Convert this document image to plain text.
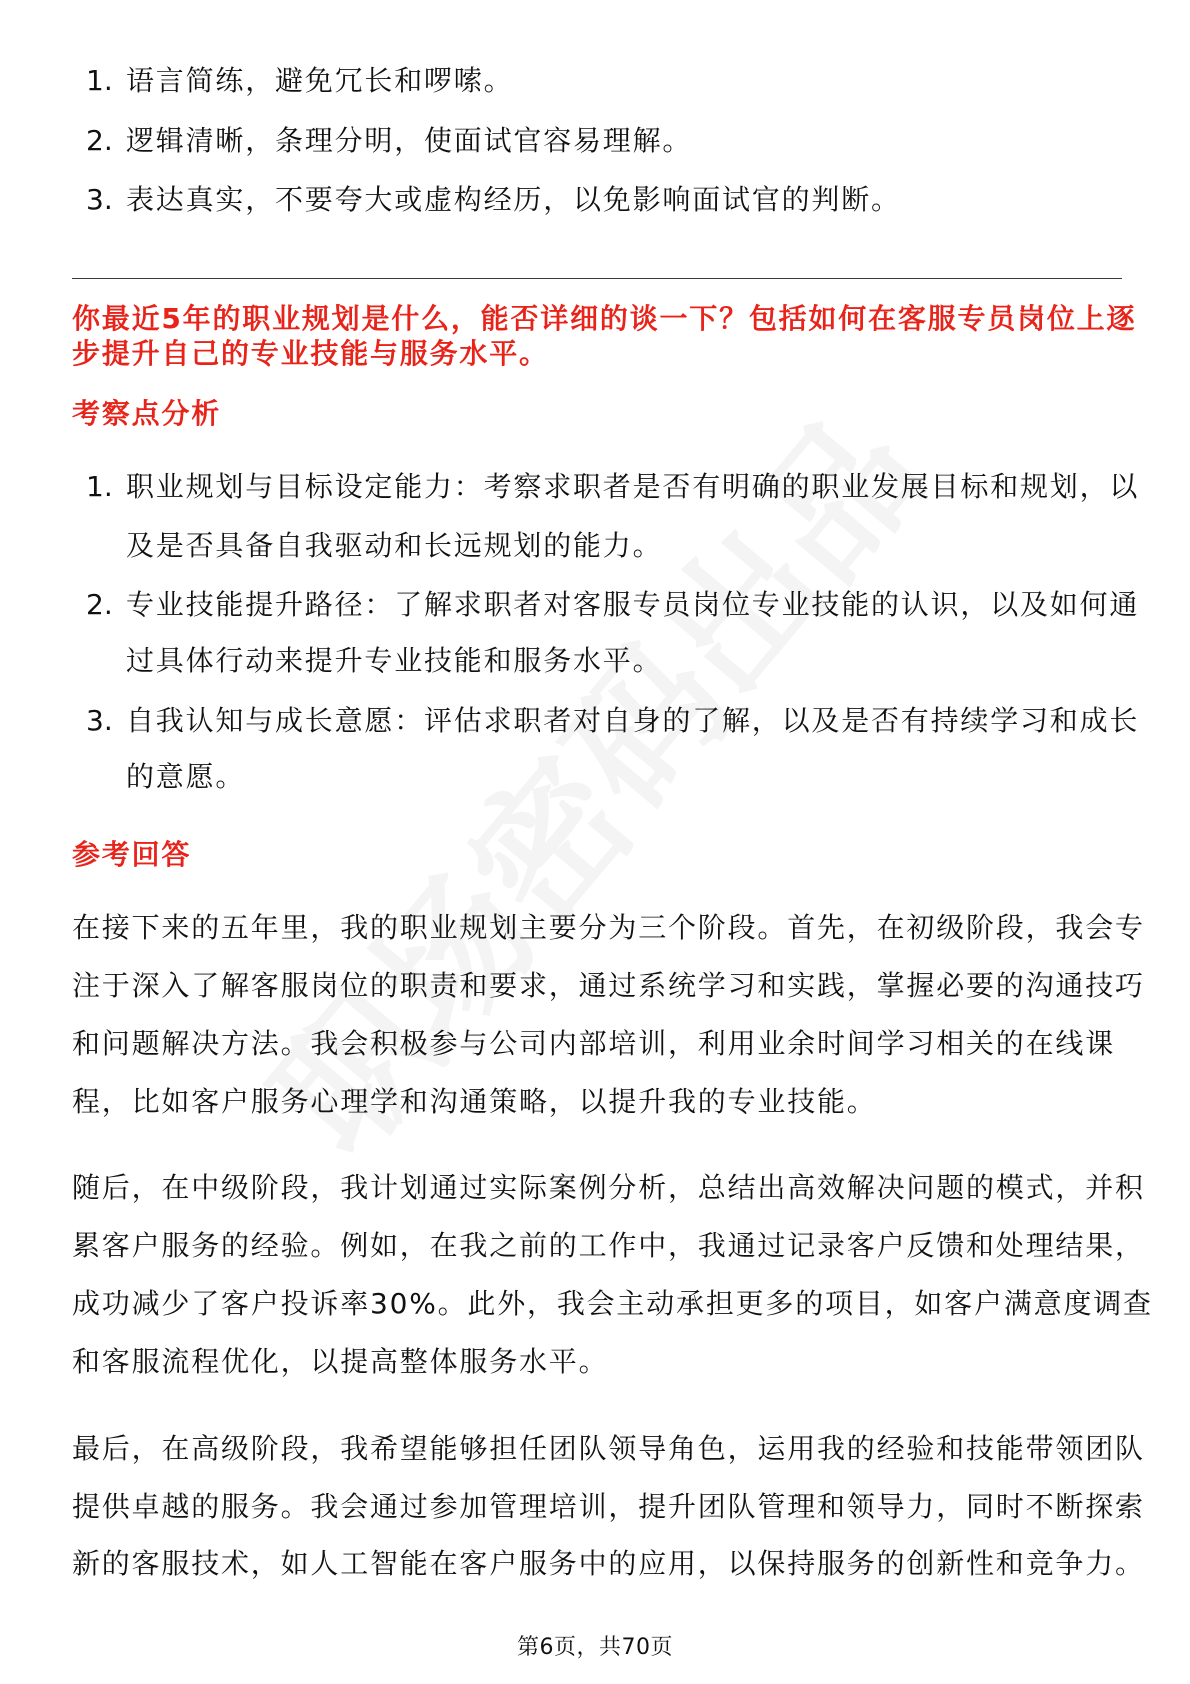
1. 语言简练，避免冗长和啰嗦。
2. 逻辑清晰，条理分明，使面试官容易理解。
3. 表达真实，不要夸大或虚构经历，以免影响面试官的判断。
你最近5年的职业规划是什么，能否详细的谈一下？包括如何在客服专员岗位上逐
步提升自己的专业技能与服务水平。
考察点分析
1. 职业规划与目标设定能力：考察求职者是否有明确的职业发展目标和规划，以
及是否具备自我驱动和长远规划的能力。
2. 专业技能提升路径：了解求职者对客服专员岗位专业技能的认识，以及如何通
过具体行动来提升专业技能和服务水平。
3. 自我认知与成长意愿：评估求职者对自身的了解，以及是否有持续学习和成长
的意愿。
参考回答
在接下来的五年里，我的职业规划主要分为三个阶段。首先，在初级阶段，我会专
注于深入了解客服岗位的职责和要求，通过系统学习和实践，掌握必要的沟通技巧
和问题解决方法。我会积极参与公司内部培训，利用业余时间学习相关的在线课
程，比如客户服务心理学和沟通策略，以提升我的专业技能。
随后，在中级阶段，我计划通过实际案例分析，总结出高效解决问题的模式，并积
累客户服务的经验。例如，在我之前的工作中，我通过记录客户反馈和处理结果，
成功减少了客户投诉率30%。此外，我会主动承担更多的项目，如客户满意度调查
和客服流程优化，以提高整体服务水平。
最后，在高级阶段，我希望能够担任团队领导角色，运用我的经验和技能带领团队
提供卓越的服务。我会通过参加管理培训，提升团队管理和领导力，同时不断探索
新的客服技术，如人工智能在客户服务中的应用，以保持服务的创新性和竞争力。
第6页，共70页
